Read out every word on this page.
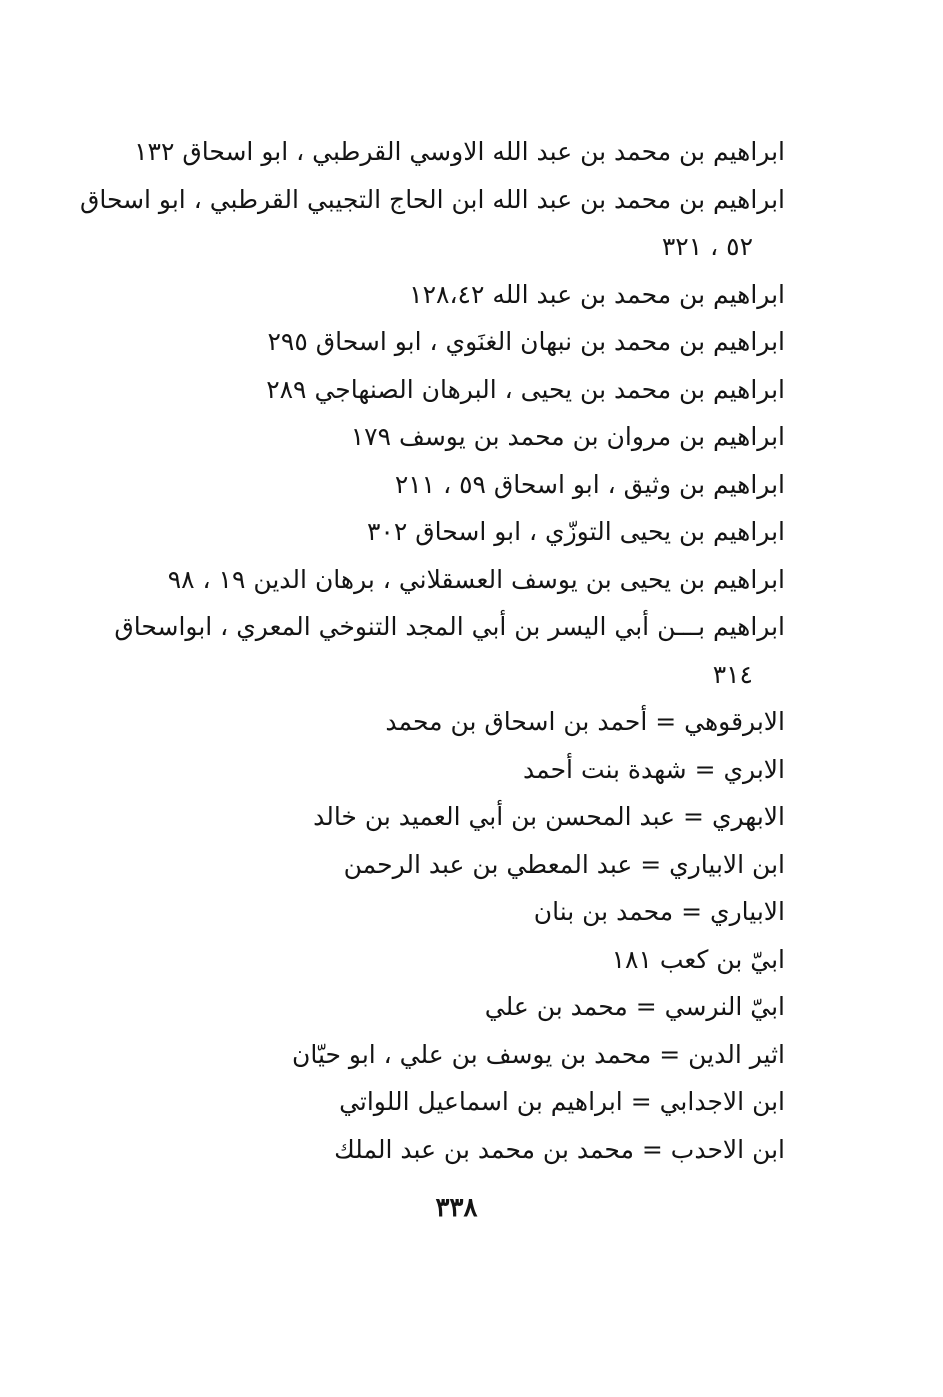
ابراهيم بن محمد بن عبد الله الاوسي القرطبي ، ابو اسحاق ١٣٢
ابراهيم بن محمد بن عبد الله ابن الحاج التجيبي القرطبي ، ابو اسحاق
٥٢ ، ٣٢١
ابراهيم بن محمد بن عبد الله ١٢٨،٤٢
ابراهيم بن محمد بن نبهان الغنَوي ، ابو اسحاق ٢٩٥
ابراهيم بن محمد بن يحيى ، البرهان الصنهاجي ٢٨٩
ابراهيم بن مروان بن محمد بن يوسف ١٧٩
ابراهيم بن وثيق ، ابو اسحاق ٥٩ ، ٢١١
ابراهيم بن يحيى التوزّي ، ابو اسحاق ٣٠٢
ابراهيم بن يحيى بن يوسف العسقلاني ، برهان الدين ١٩ ، ٩٨
ابراهيم بـــن أبي اليسر بن أبي المجد التنوخي المعري ، ابواسحاق
٣١٤
الابرقوهي = أحمد بن اسحاق بن محمد
الابري = شهدة بنت أحمد
الابهري = عبد المحسن بن أبي العميد بن خالد
ابن الابياري = عبد المعطي بن عبد الرحمن
الابياري = محمد بن بنان
ابيّ بن كعب ١٨١
ابيّ النرسي = محمد بن علي
اثير الدين = محمد بن يوسف بن علي ، ابو حيّان
ابن الاجدابي = ابراهيم بن اسماعيل اللواتي
ابن الاحدب = محمد بن محمد بن عبد الملك
٣٣٨
